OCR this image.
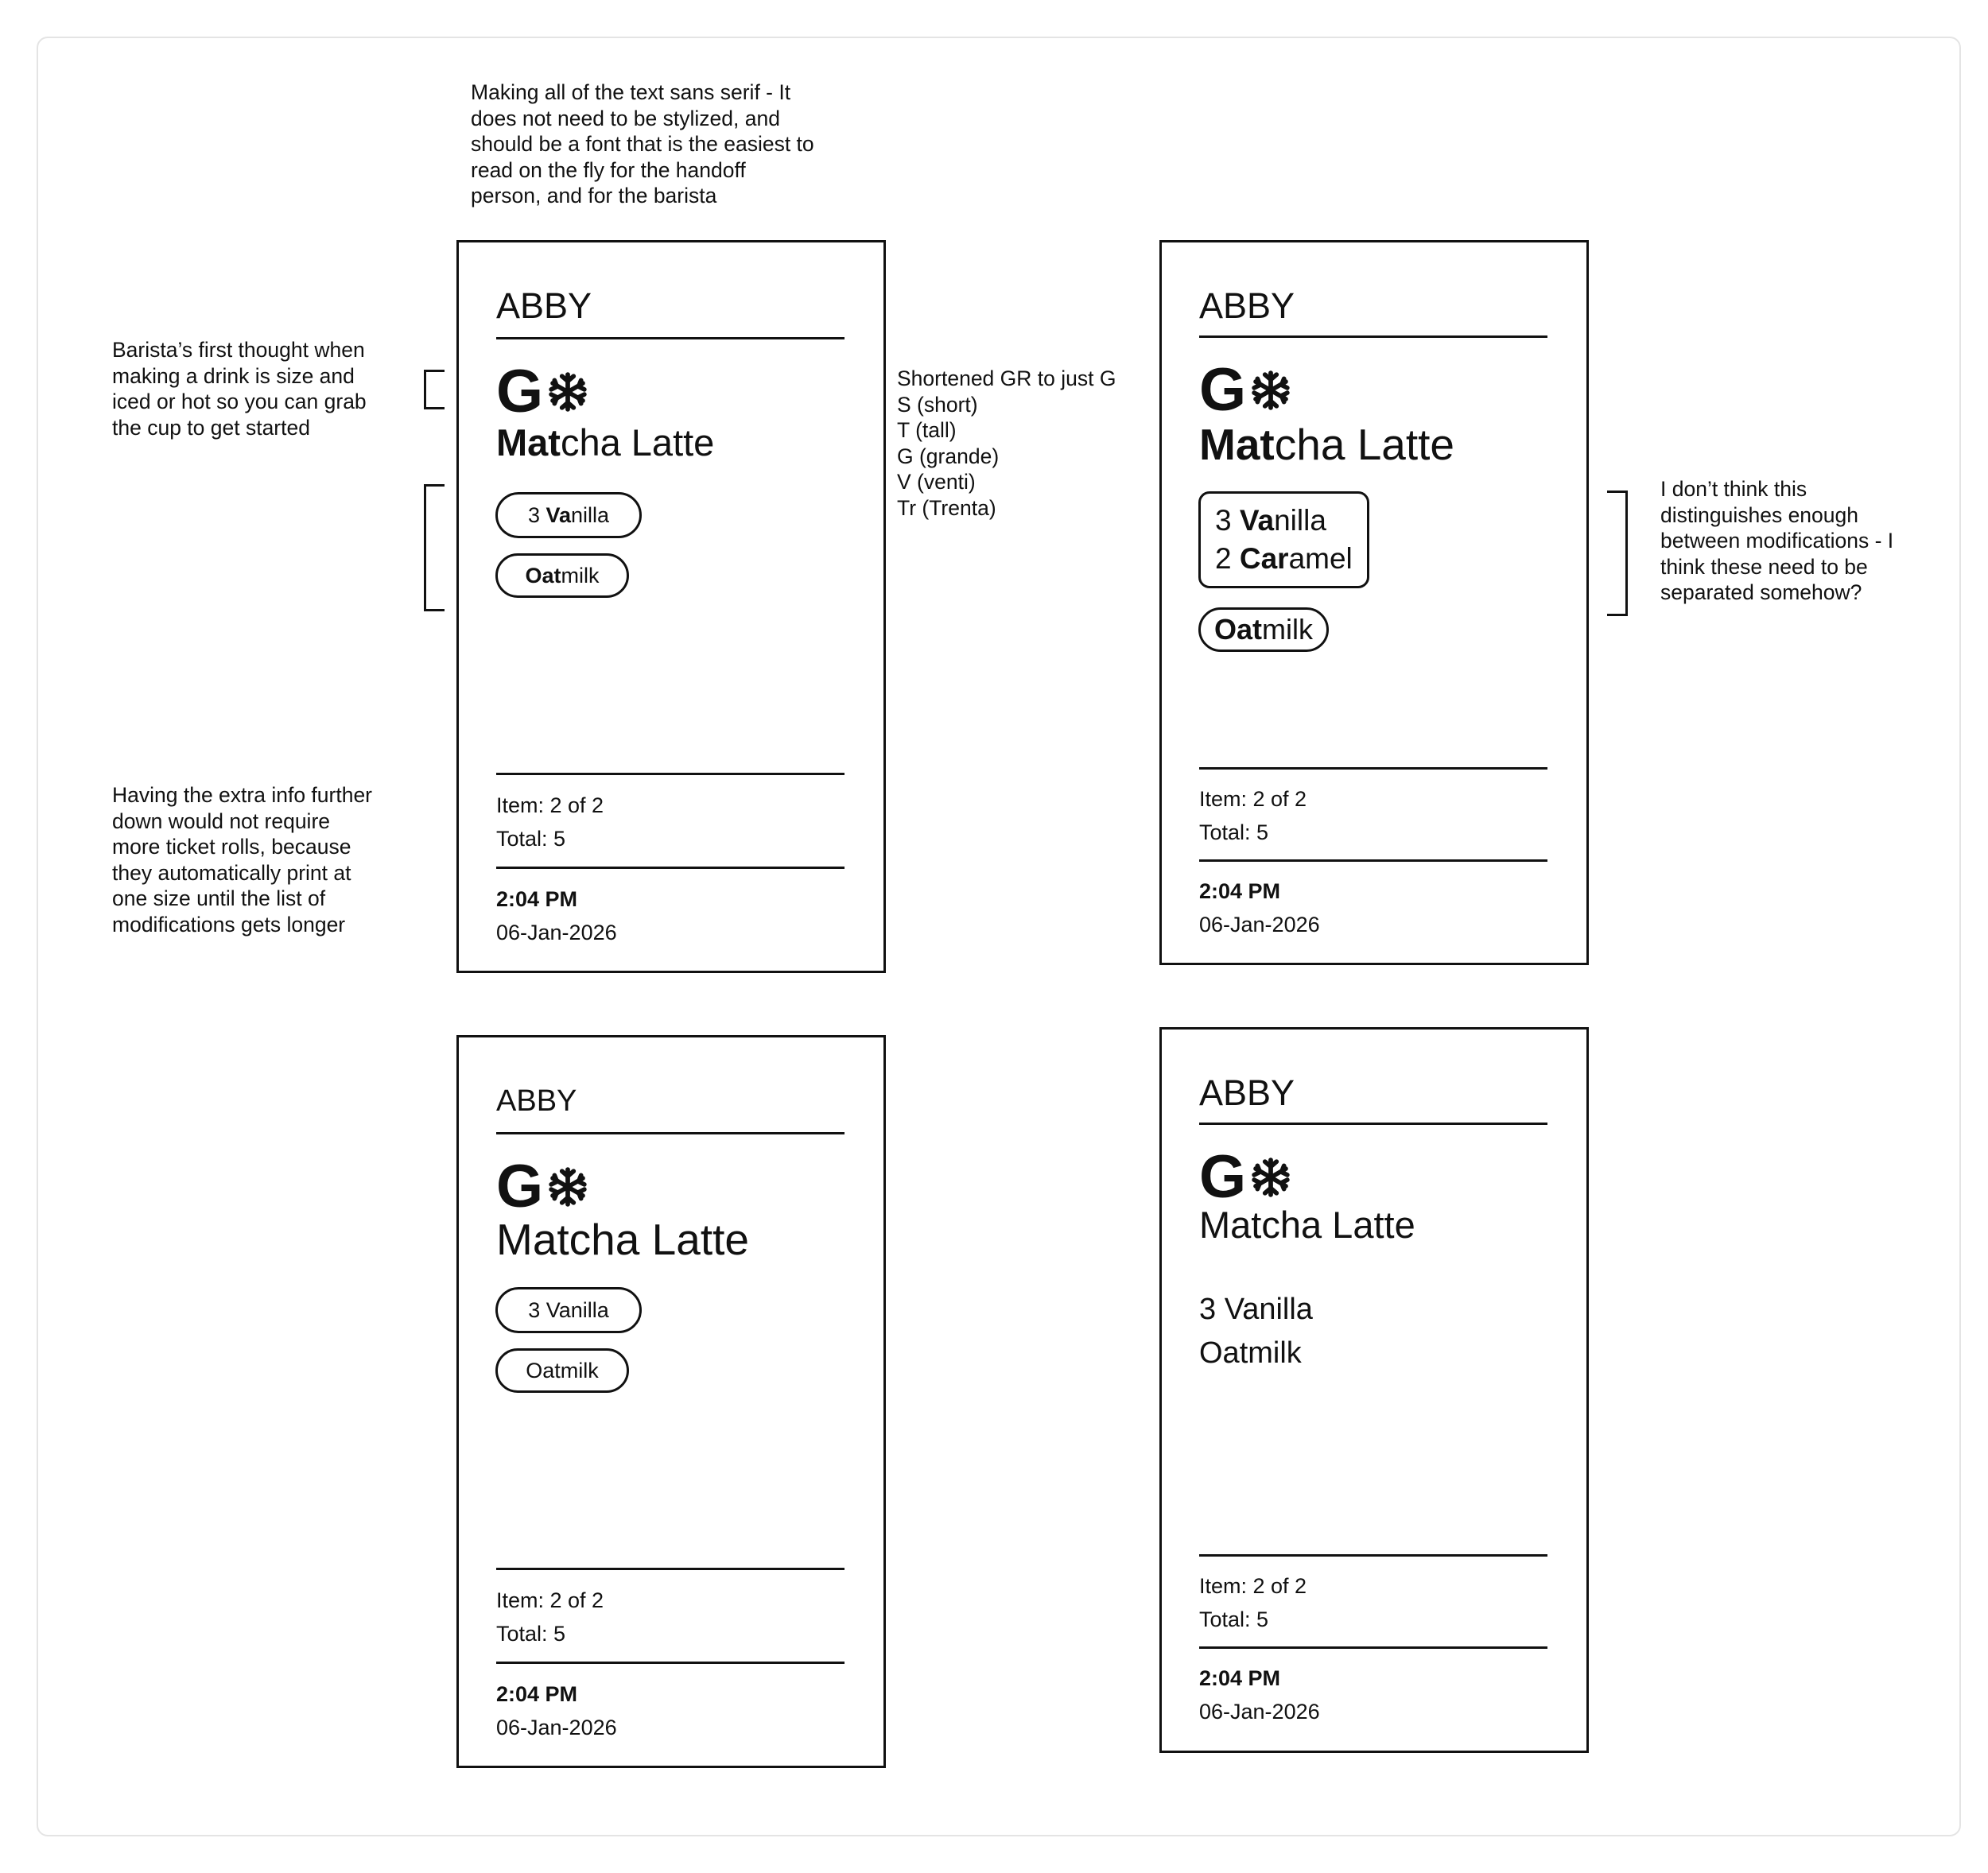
Making all of the text sans serif - It
does not need to be stylized, and
should be a font that is the easiest to
read on the fly for the handoff
person, and for the barista
Barista’s first thought when
making a drink is size and
iced or hot so you can grab
the cup to get started
Shortened GR to just G
S (short)
T (tall)
G (grande)
V (venti)
Tr (Trenta)
I don’t think this
distinguishes enough
between modifications - I
think these need to be
separated somehow?
Having the extra info further
down would not require
more ticket rolls, because
they automatically print at
one size until the list of
modifications gets longer
ABBY
G
Matcha Latte
3 Va nilla
Oat milk
Item: 2 of 2
Total: 5
2:04 PM
06-Jan-2026
ABBY
G
Matcha Latte
3 Vanilla
2 Caramel
Oat milk
Item: 2 of 2
Total: 5
2:04 PM
06-Jan-2026
ABBY
G
Matcha Latte
3 Vanilla
Oatmilk
Item: 2 of 2
Total: 5
2:04 PM
06-Jan-2026
ABBY
G
Matcha Latte
3 Vanilla
Oatmilk
Item: 2 of 2
Total: 5
2:04 PM
06-Jan-2026
